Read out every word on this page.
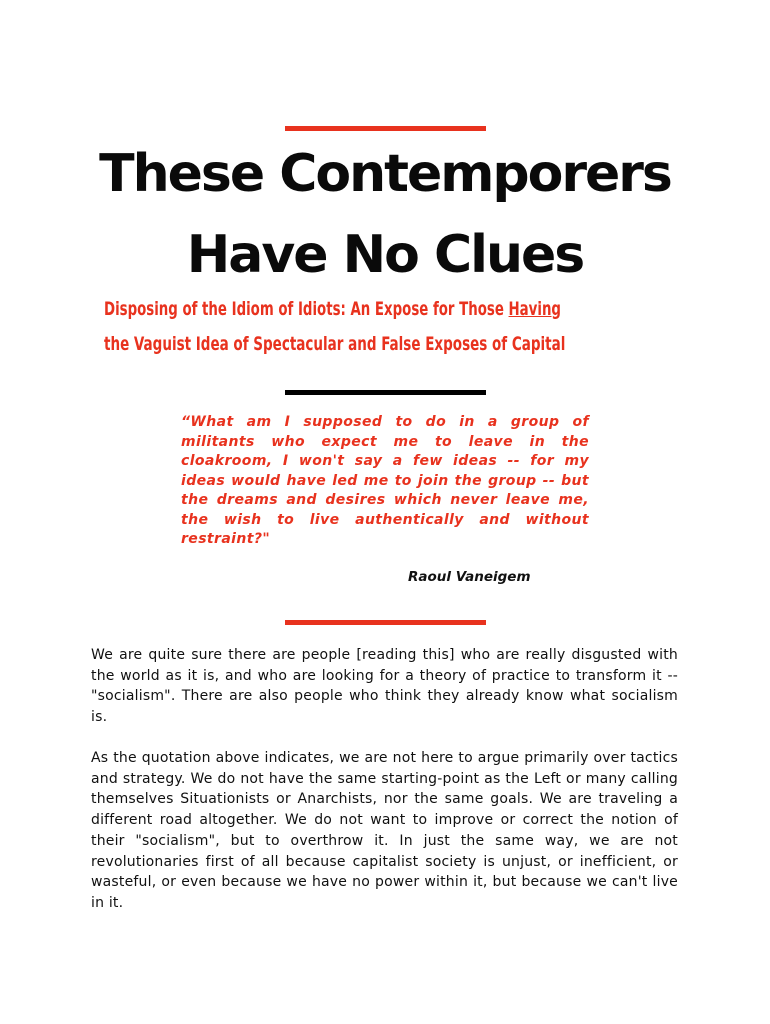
These Contemporers
Have No Clues
Disposing of the Idiom of Idiots: An Expose for Those Having
the Vaguist Idea of Spectacular and False Exposes of Capital

“What am I supposed to do in a group of militants who expect me to leave in the cloakroom, I won't say a few ideas -- for my ideas would have led me to join the group -- but the dreams and desires which never leave me, the wish to live authentically and without restraint?"

Raoul Vaneigem

We are quite sure there are people [reading this] who are really disgusted with the world as it is, and who are looking for a theory of practice to transform it -- "socialism". There are also people who think they already know what socialism is.

As the quotation above indicates, we are not here to argue primarily over tactics and strategy. We do not have the same starting-point as the Left or many calling themselves Situationists or Anarchists, nor the same goals. We are traveling a different road altogether. We do not want to improve or correct the notion of their "socialism", but to overthrow it. In just the same way, we are not revolutionaries first of all because capitalist society is unjust, or inefficient, or wasteful, or even because we have no power within it, but because we can't live in it.
